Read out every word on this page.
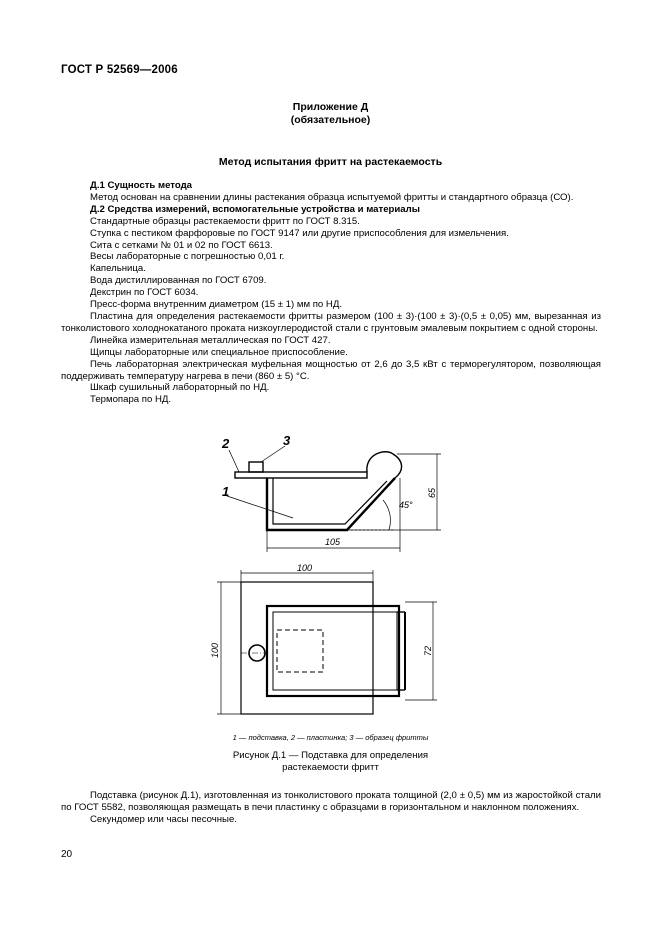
ГОСТ Р 52569—2006
Приложение Д
(обязательное)
Метод испытания фритт на растекаемость

Д.1 Сущность метода

Метод основан на сравнении длины растекания образца испытуемой фритты и стандартного образца (СО).

Д.2 Средства измерений, вспомогательные устройства и материалы

Стандартные образцы растекаемости фритт по ГОСТ 8.315.

Ступка с пестиком фарфоровые по ГОСТ 9147 или другие приспособления для измельчения.

Сита с сетками № 01 и 02 по ГОСТ 6613.

Весы лабораторные с погрешностью 0,01 г.

Капельница.

Вода дистиллированная по ГОСТ 6709.

Декстрин по ГОСТ 6034.

Пресс-форма внутренним диаметром (15 ± 1) мм по НД.

Пластина для определения растекаемости фритты размером (100 ± 3)·(100 ± 3)·(0,5 ± 0,05) мм, вырезанная из тонколистового холоднокатаного проката низкоуглеродистой стали с грунтовым эмалевым покрытием с одной стороны.

Линейка измерительная металлическая по ГОСТ 427.

Щипцы лабораторные или специальное приспособление.

Печь лабораторная электрическая муфельная мощностью от 2,6 до 3,5 кВт с терморегулятором, позволяющая поддерживать температуру нагрева в печи (860 ± 5) °С.

Шкаф сушильный лабораторный по НД.

Термопара по НД.

2	3
1
105
65
45°
100
100	72
1 — подставка, 2 — пластинка; 3 — образец фритты
Рисунок Д.1 — Подставка для определения
растекаемости фритт

Подставка (рисунок Д.1), изготовленная из тонколистового проката толщиной (2,0 ± 0,5) мм из жаростойкой стали по ГОСТ 5582, позволяющая размещать в печи пластинку с образцами в горизонтальном и наклонном положениях.

Секундомер или часы песочные.

20
